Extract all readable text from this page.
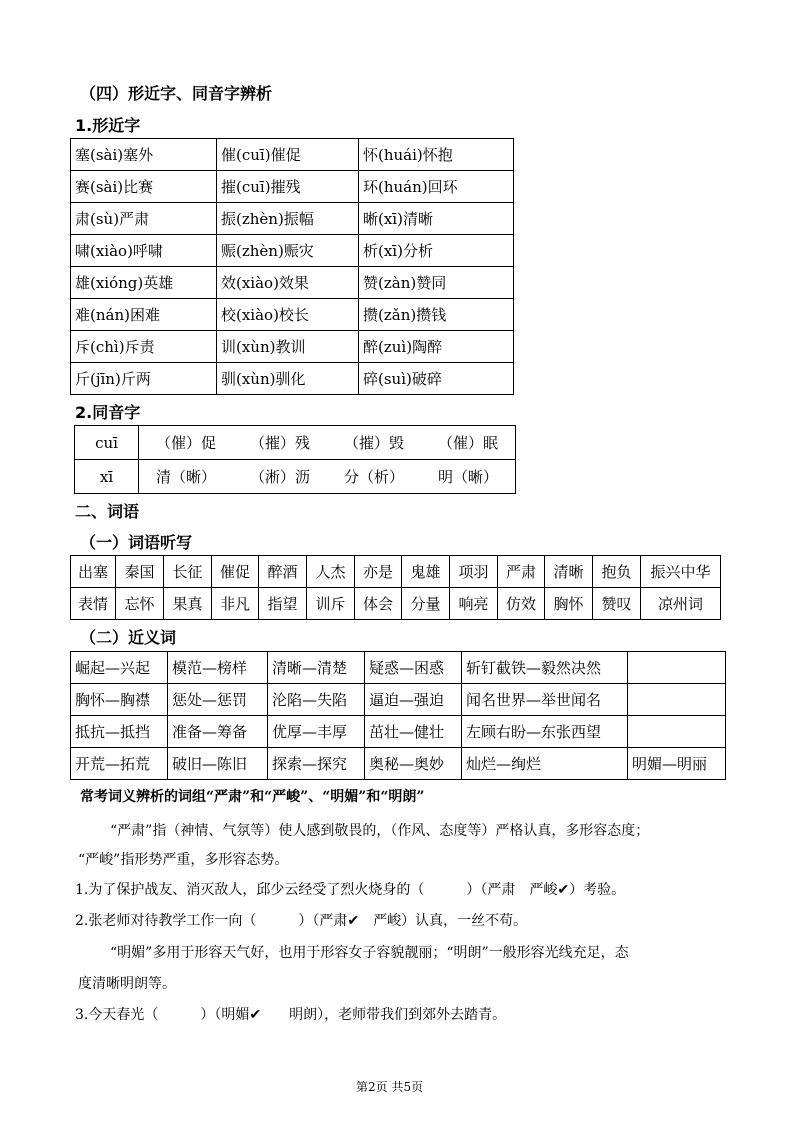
（四）形近字、同音字辨析
1.形近字
塞(sài)塞外	催(cuī)催促	怀(huái)怀抱
赛(sài)比赛	摧(cuī)摧残	环(huán)回环
肃(sù)严肃	振(zhèn)振幅	晰(xī)清晰
啸(xiào)呼啸	赈(zhèn)赈灾	析(xī)分析
雄(xióng)英雄	效(xiào)效果	赞(zàn)赞同
难(nán)困难	校(xiào)校长	攒(zǎn)攒钱
斥(chì)斥责	训(xùn)教训	醉(zuì)陶醉
斤(jīn)斤两	驯(xùn)驯化	碎(suì)破碎
2.同音字
cuī	（催）促 （摧）残 （摧）毁 （催）眠

xī	清（晰） （淅）沥 分（析） 明（晰）
二、词语
（一）词语听写
出塞	秦国	长征	催促	醉酒	人杰	亦是	鬼雄	项羽	严肃	清晰	抱负	振兴中华
表情	忘怀	果真	非凡	指望	训斥	体会	分量	响亮	仿效	胸怀	赞叹	凉州词
（二）近义词
崛起—兴起	模范—榜样	清晰—清楚	疑惑—困惑	斩钉截铁—毅然决然	
胸怀—胸襟	惩处—惩罚	沦陷—失陷	逼迫—强迫	闻名世界—举世闻名	
抵抗—抵挡	准备—筹备	优厚—丰厚	茁壮—健壮	左顾右盼—东张西望	
开荒—拓荒	破旧—陈旧	探索—探究	奥秘—奥妙	灿烂—绚烂	明媚—明丽
常考词义辨析的词组“严肃”和“严峻”、“明媚”和“明朗”
“严肃”指（神情、气氛等）使人感到敬畏的，（作风、态度等）严格认真，多形容态度；
“严峻”指形势严重，多形容态势。
1.为了保护战友、消灭敌人，邱少云经受了烈火烧身的（　　　）（严肃　严峻✔）考验。
2.张老师对待教学工作一向（　　　）（严肃✔　严峻）认真，一丝不苟。
“明媚”多用于形容天气好，也用于形容女子容貌靓丽；“明朗”一般形容光线充足，态
度清晰明朗等。
3.今天春光（　　　）（明媚✔　　明朗），老师带我们到郊外去踏青。
第2页 共5页
